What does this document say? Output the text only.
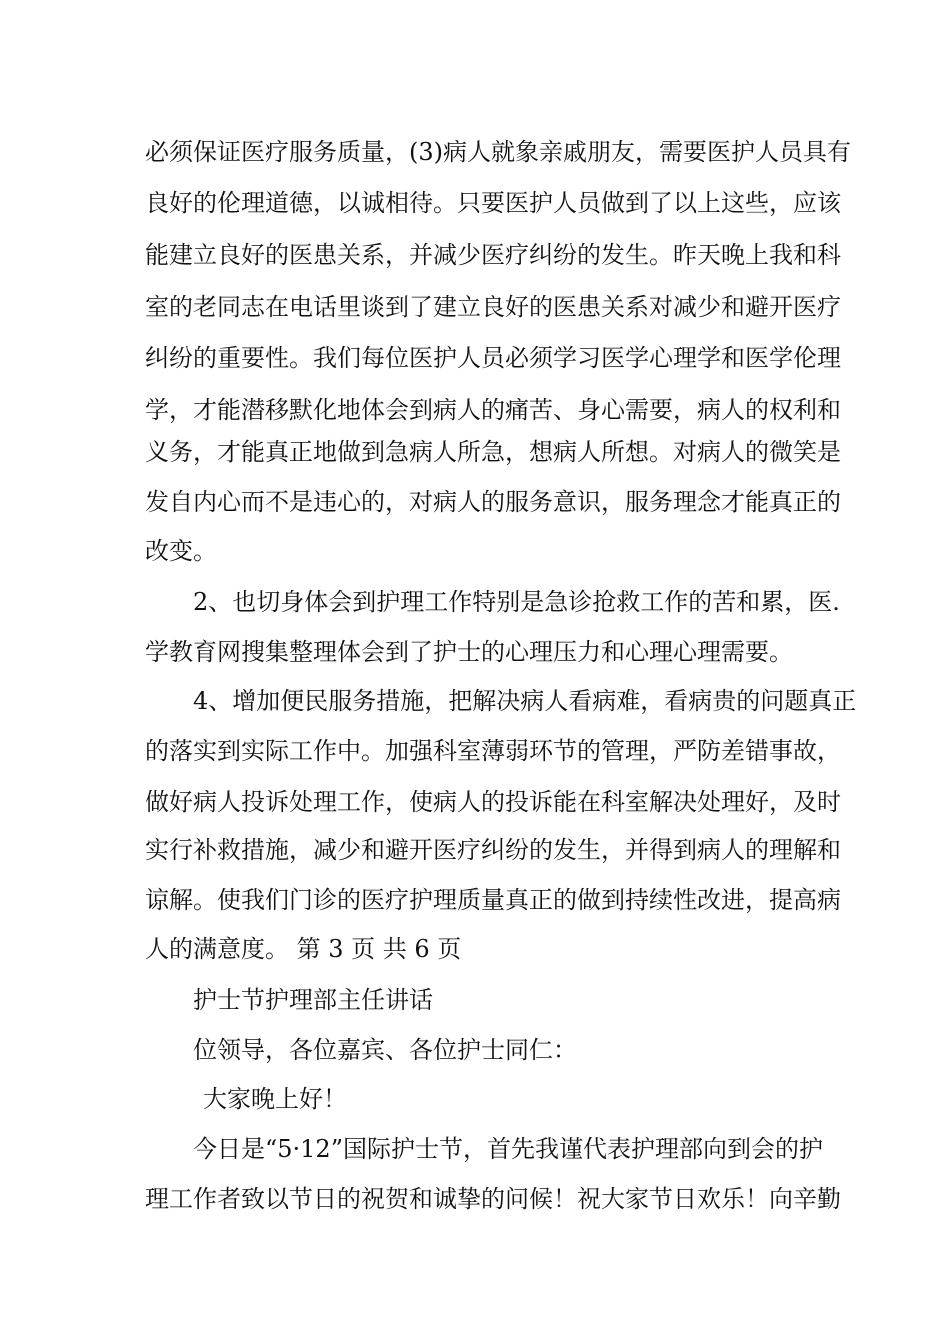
必须保证医疗服务质量，(3)病人就象亲戚朋友，需要医护人员具有
良好的伦理道德，以诚相待。只要医护人员做到了以上这些，应该
能建立良好的医患关系，并减少医疗纠纷的发生。昨天晚上我和科
室的老同志在电话里谈到了建立良好的医患关系对减少和避开医疗
纠纷的重要性。我们每位医护人员必须学习医学心理学和医学伦理
学，才能潜移默化地体会到病人的痛苦、身心需要，病人的权利和
义务，才能真正地做到急病人所急，想病人所想。对病人的微笑是
发自内心而不是违心的，对病人的服务意识，服务理念才能真正的
改变。
2、也切身体会到护理工作特别是急诊抢救工作的苦和累，医.
学教育网搜集整理体会到了护士的心理压力和心理心理需要。
4、增加便民服务措施，把解决病人看病难，看病贵的问题真正
的落实到实际工作中。加强科室薄弱环节的管理，严防差错事故，
做好病人投诉处理工作，使病人的投诉能在科室解决处理好，及时
实行补救措施，减少和避开医疗纠纷的发生，并得到病人的理解和
谅解。使我们门诊的医疗护理质量真正的做到持续性改进，提高病
人的满意度。 第 3 页 共 6 页
护士节护理部主任讲话
位领导，各位嘉宾、各位护士同仁：
大家晚上好！
今日是“5·12”国际护士节，首先我谨代表护理部向到会的护
理工作者致以节日的祝贺和诚挚的问候！祝大家节日欢乐！向辛勤
